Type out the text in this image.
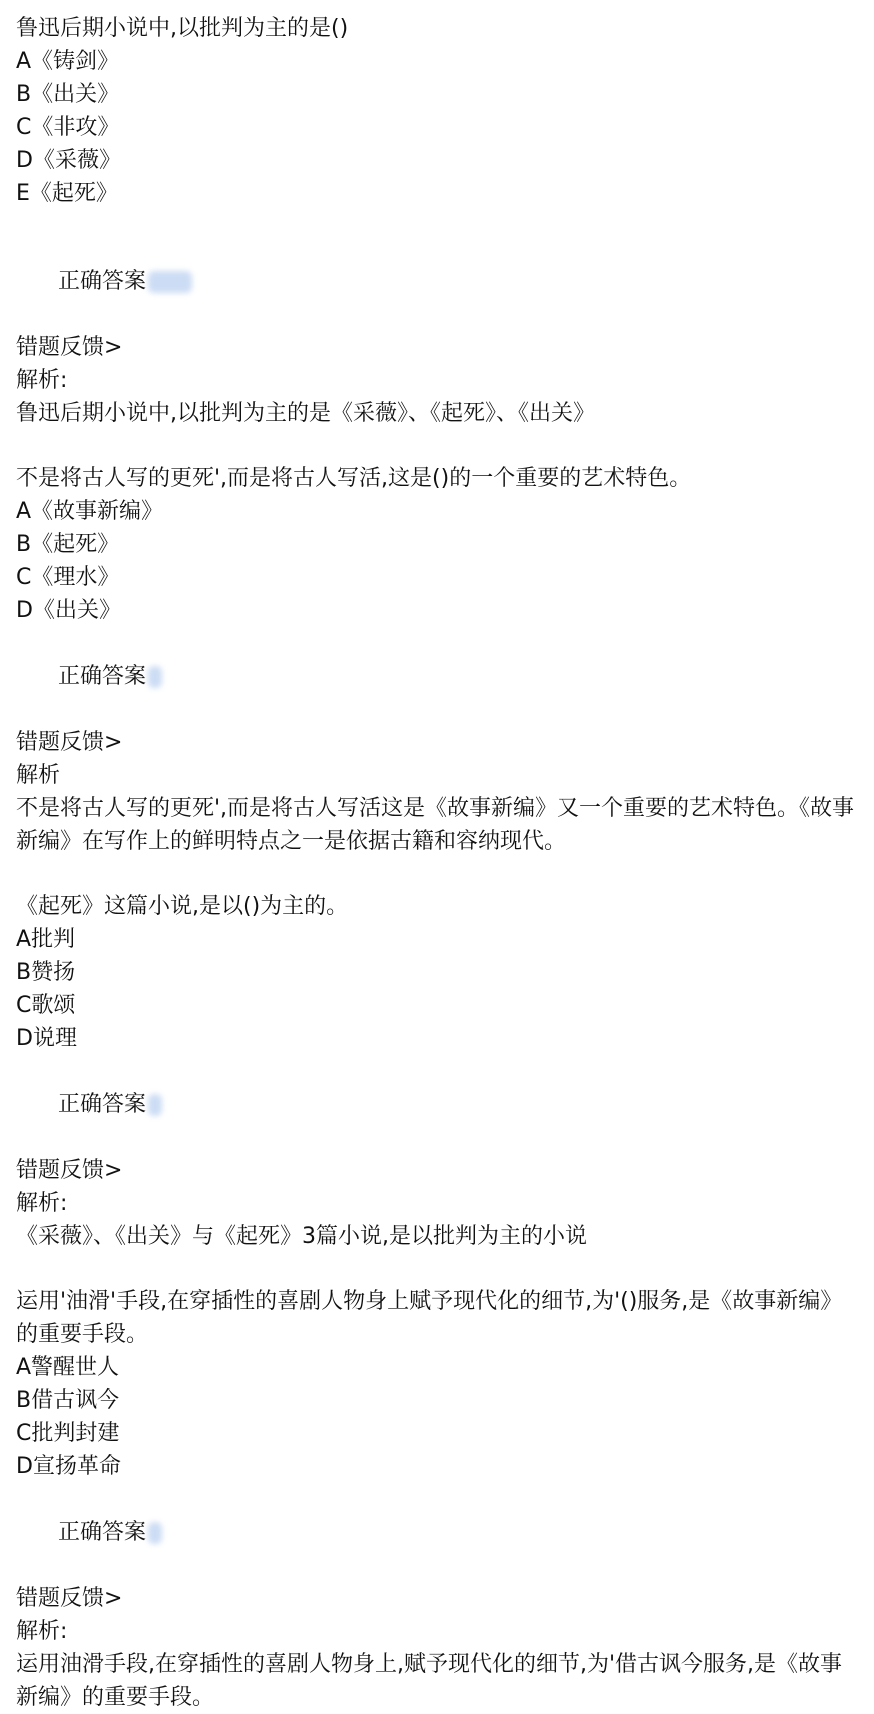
鲁迅后期小说中,以批判为主的是()
A《铸剑》
B《出关》
C《非攻》
D《采薇》
E《起死》

正确答案

错题反馈>
解析:
鲁迅后期小说中,以批判为主的是《采薇》、《起死》、《出关》
不是将古人写的更死',而是将古人写活,这是()的一个重要的艺术特色。
A《故事新编》
B《起死》
C《理水》
D《出关》

正确答案

错题反馈>
解析
不是将古人写的更死',而是将古人写活这是《故事新编》又一个重要的艺术特色。《故事新编》在写作上的鲜明特点之一是依据古籍和容纳现代。
《起死》这篇小说,是以()为主的。
A批判
B赞扬
C歌颂
D说理

正确答案

错题反馈>
解析:
《采薇》、《出关》与《起死》3篇小说,是以批判为主的小说
运用'油滑'手段,在穿插性的喜剧人物身上赋予现代化的细节,为'()服务,是《故事新编》的重要手段。
A警醒世人
B借古讽今
C批判封建
D宣扬革命

正确答案

错题反馈>
解析:
运用油滑手段,在穿插性的喜剧人物身上,赋予现代化的细节,为'借古讽今服务,是《故事新编》的重要手段。
